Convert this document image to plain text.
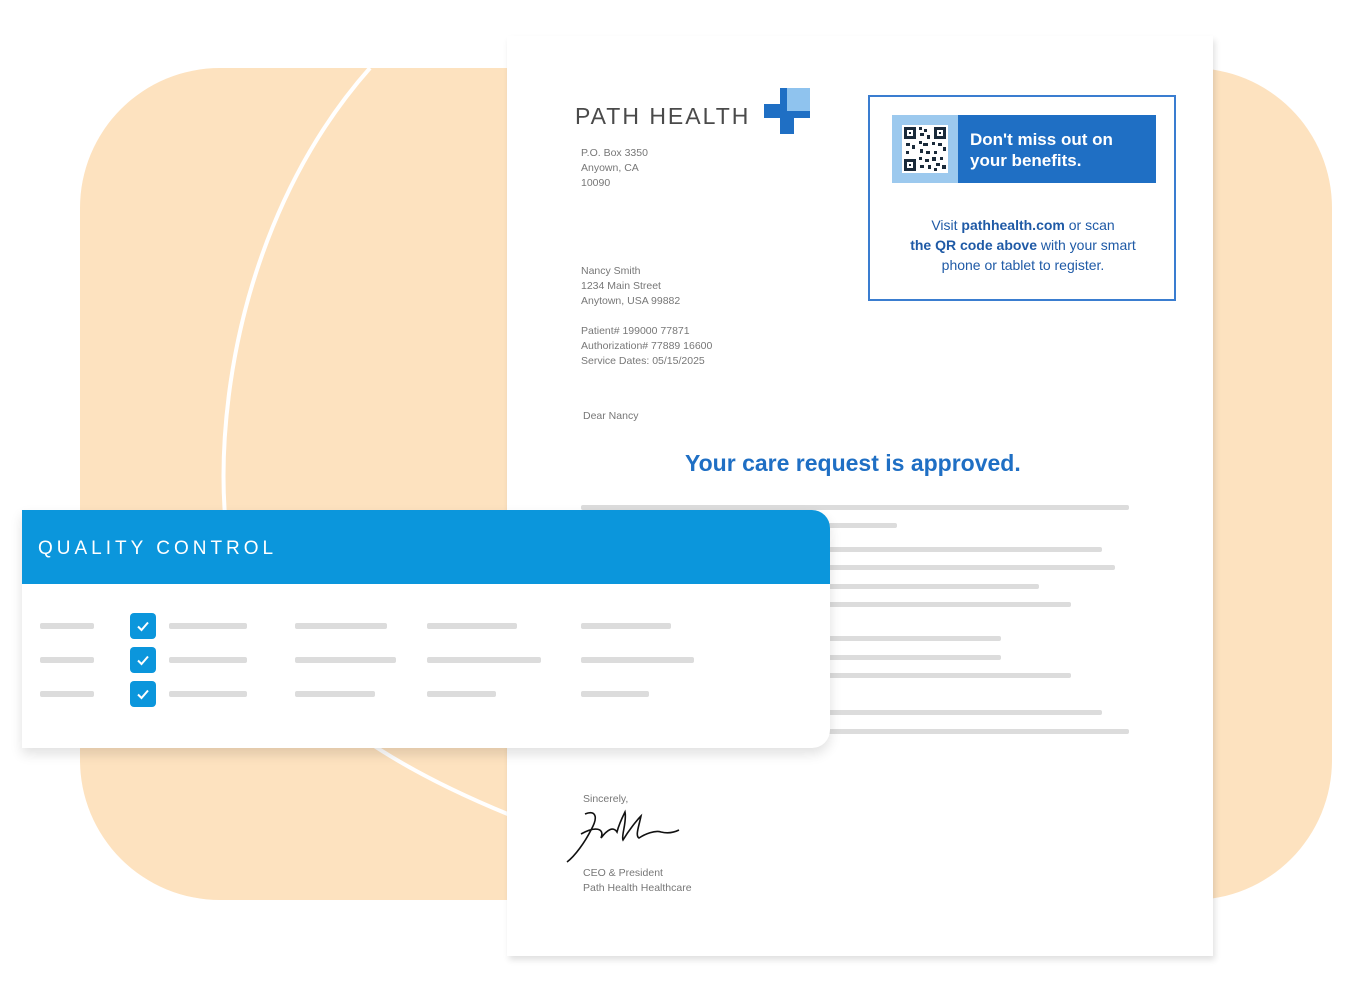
PATH HEALTH
P.O. Box 3350
Anyown, CA
10090
Nancy Smith
1234 Main Street
Anytown, USA 99882
Patient# 199000 77871
Authorization# 77889 16600
Service Dates: 05/15/2025
Dear Nancy
Your care request is approved.
Sincerely,
CEO & President
Path Health Healthcare
Don't miss out on
your benefits.
Visit pathhealth.com or scan
the QR code above with your smart
phone or tablet to register.
QUALITY CONTROL
